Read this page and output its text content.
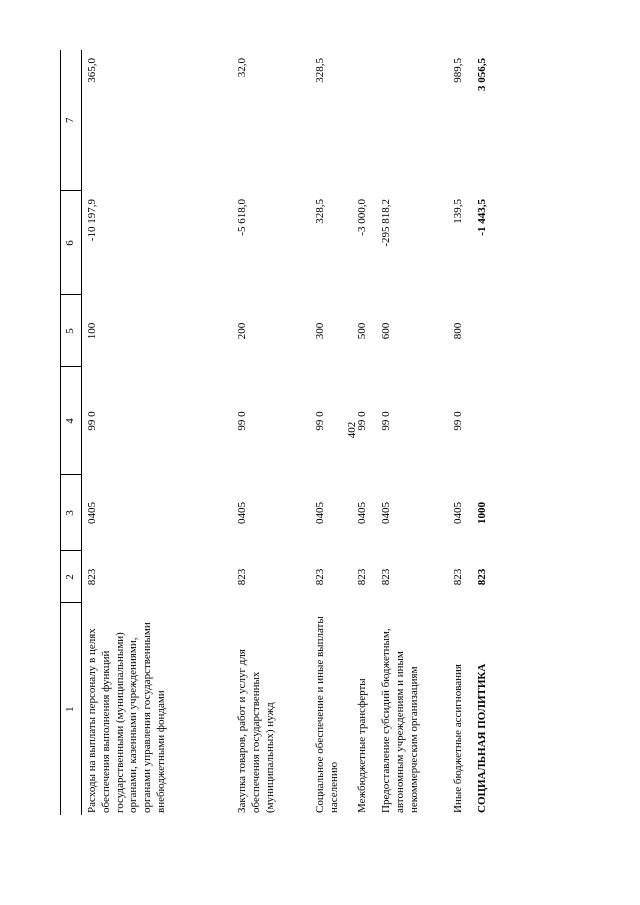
402
1	2	3	4	5	6	7
Расходы на выплаты персоналу в целях обеспечения выполнения функций государственными (муниципальными) органами, казенными учреждениями, органами управления государственными внебюджетными фондами	823	0405	99 0	100	-10 197,9	365,0
Закупка товаров, работ и услуг для обеспечения государственных (муниципальных) нужд	823	0405	99 0	200	-5 618,0	32,0
Социальное обеспечение и иные выплаты населению	823	0405	99 0	300	328,5	328,5
Межбюджетные трансферты	823	0405	99 0	500	-3 000,0	
Предоставление субсидий бюджетным, автономным учреждениям и иным некоммерческим организациям	823	0405	99 0	600	-295 818,2	
Иные бюджетные ассигнования	823	0405	99 0	800	139,5	989,5
СОЦИАЛЬНАЯ ПОЛИТИКА	823	1000			-1 443,5	3 056,5
